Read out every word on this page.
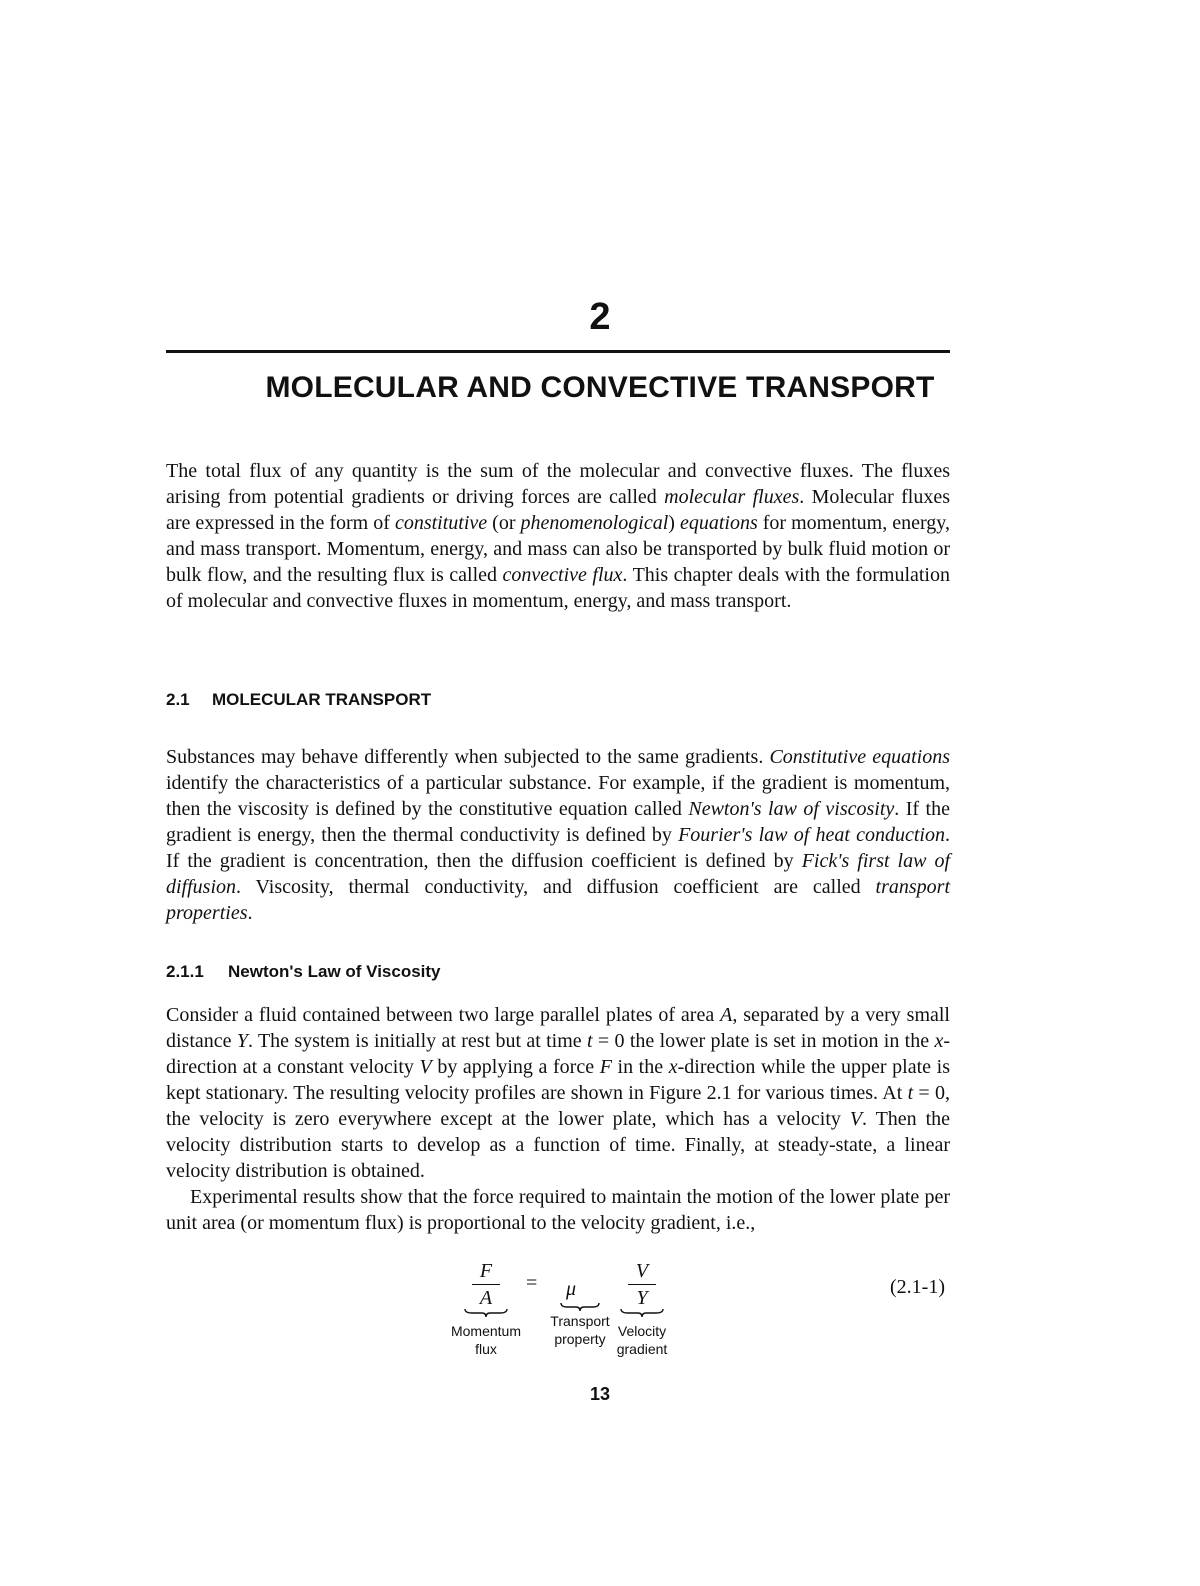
2
MOLECULAR AND CONVECTIVE TRANSPORT

The total flux of any quantity is the sum of the molecular and convective fluxes. The fluxes arising from potential gradients or driving forces are called molecular fluxes. Molecular fluxes are expressed in the form of constitutive (or phenomenological) equations for momentum, energy, and mass transport. Momentum, energy, and mass can also be transported by bulk fluid motion or bulk flow, and the resulting flux is called convective flux. This chapter deals with the formulation of molecular and convective fluxes in momentum, energy, and mass transport.

2.1 MOLECULAR TRANSPORT

Substances may behave differently when subjected to the same gradients. Constitutive equations identify the characteristics of a particular substance. For example, if the gradient is momentum, then the viscosity is defined by the constitutive equation called Newton's law of viscosity. If the gradient is energy, then the thermal conductivity is defined by Fourier's law of heat conduction. If the gradient is concentration, then the diffusion coefficient is defined by Fick's first law of diffusion. Viscosity, thermal conductivity, and diffusion coefficient are called transport properties.

2.1.1 Newton's Law of Viscosity

Consider a fluid contained between two large parallel plates of area A, separated by a very small distance Y. The system is initially at rest but at time t = 0 the lower plate is set in motion in the x-direction at a constant velocity V by applying a force F in the x-direction while the upper plate is kept stationary. The resulting velocity profiles are shown in Figure 2.1 for various times. At t = 0, the velocity is zero everywhere except at the lower plate, which has a velocity V. Then the velocity distribution starts to develop as a function of time. Finally, at steady-state, a linear velocity distribution is obtained.

Experimental results show that the force required to maintain the motion of the lower plate per unit area (or momentum flux) is proportional to the velocity gradient, i.e.,

F
A
= μ
V
Y
Momentum
flux
Transport
property Velocity
gradient
(2.1-1)
13
